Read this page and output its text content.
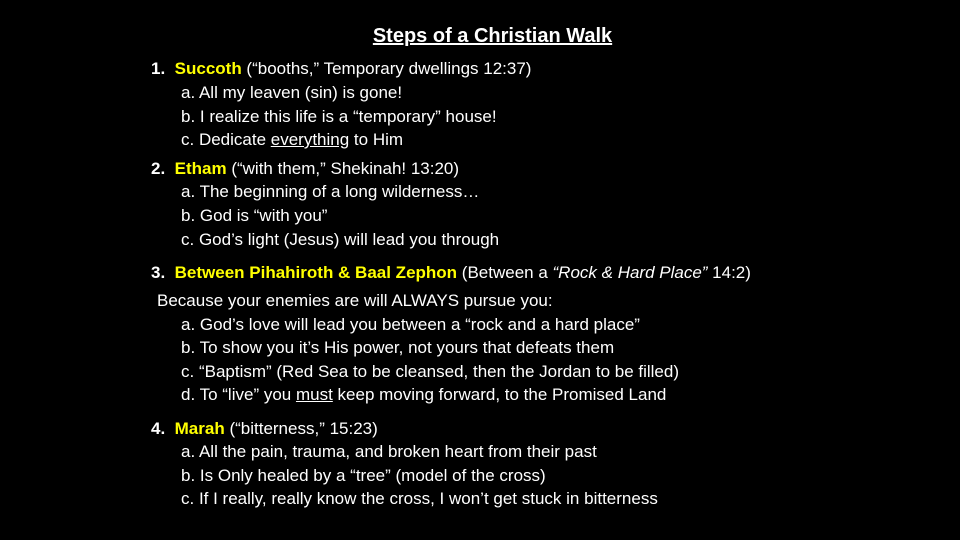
Steps of a Christian Walk
1. Succoth (“booths,” Temporary dwellings 12:37)
a. All my leaven (sin) is gone!
b. I realize this life is a “temporary” house!
c. Dedicate everything to Him
2. Etham (“with them,” Shekinah! 13:20)
a. The beginning of a long wilderness…
b. God is “with you”
c. God’s light (Jesus) will lead you through
3. Between Pihahiroth & Baal Zephon (Between a “Rock & Hard Place” 14:2)
Because your enemies are will ALWAYS pursue you:
a. God’s love will lead you between a “rock and a hard place”
b. To show you it’s His power, not yours that defeats them
c. “Baptism” (Red Sea to be cleansed, then the Jordan to be filled)
d. To “live” you must keep moving forward, to the Promised Land
4. Marah (“bitterness,” 15:23)
a. All the pain, trauma, and broken heart from their past
b. Is Only healed by a “tree” (model of the cross)
c. If I really, really know the cross, I won’t get stuck in bitterness
